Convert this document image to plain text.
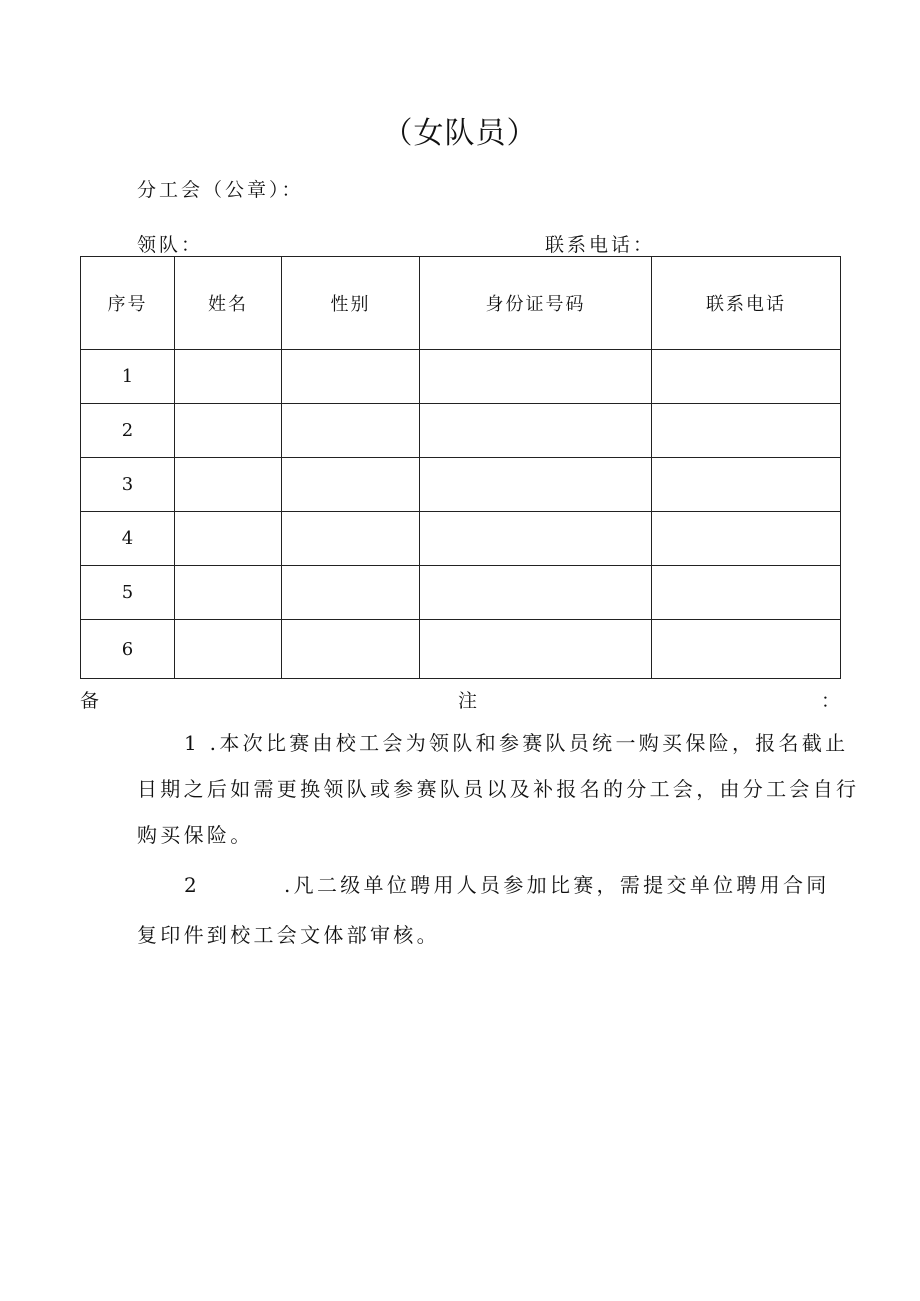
（女队员）
分工会（公章）：
领队：	联系电话：
序号	姓名	性别	身份证号码	联系电话
1				
2				
3				
4				
5				
6				
备	注	：
1 .本次比赛由校工会为领队和参赛队员统一购买保险，报名截止
日期之后如需更换领队或参赛队员以及补报名的分工会，由分工会自行
购买保险。
2	.凡二级单位聘用人员参加比赛，需提交单位聘用合同
复印件到校工会文体部审核。
